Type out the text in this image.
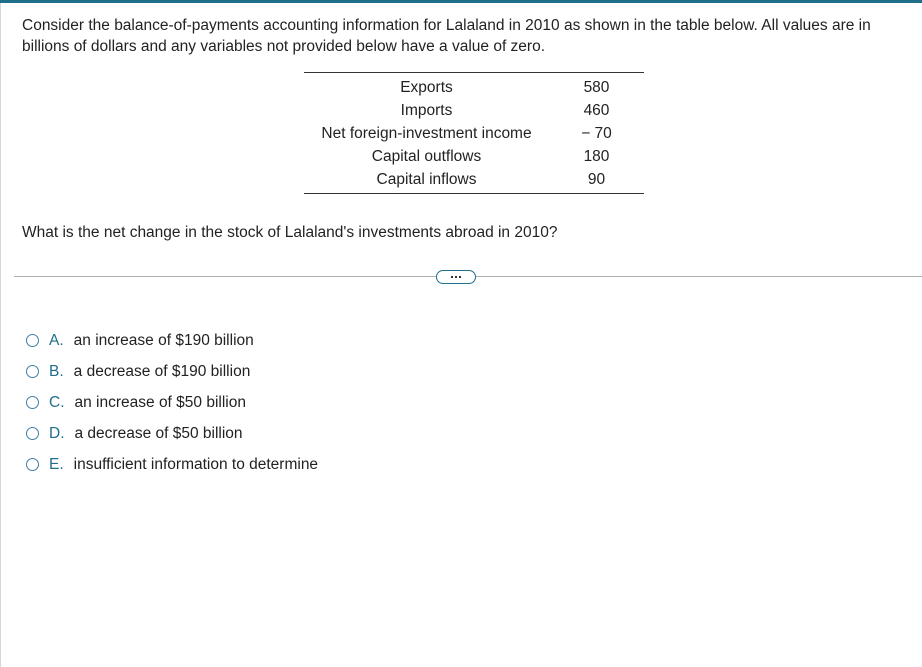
Consider the balance-of-payments accounting information for Lalaland in 2010 as shown in the table below. All values are in billions of dollars and any variables not provided below have a value of zero.
Exports	580
Imports	460
Net foreign-investment income	− 70
Capital outflows	180
Capital inflows	90
What is the net change in the stock of Lalaland's investments abroad in 2010?
A. an increase of $190 billion
B. a decrease of $190 billion
C. an increase of $50 billion
D. a decrease of $50 billion
E. insufficient information to determine
